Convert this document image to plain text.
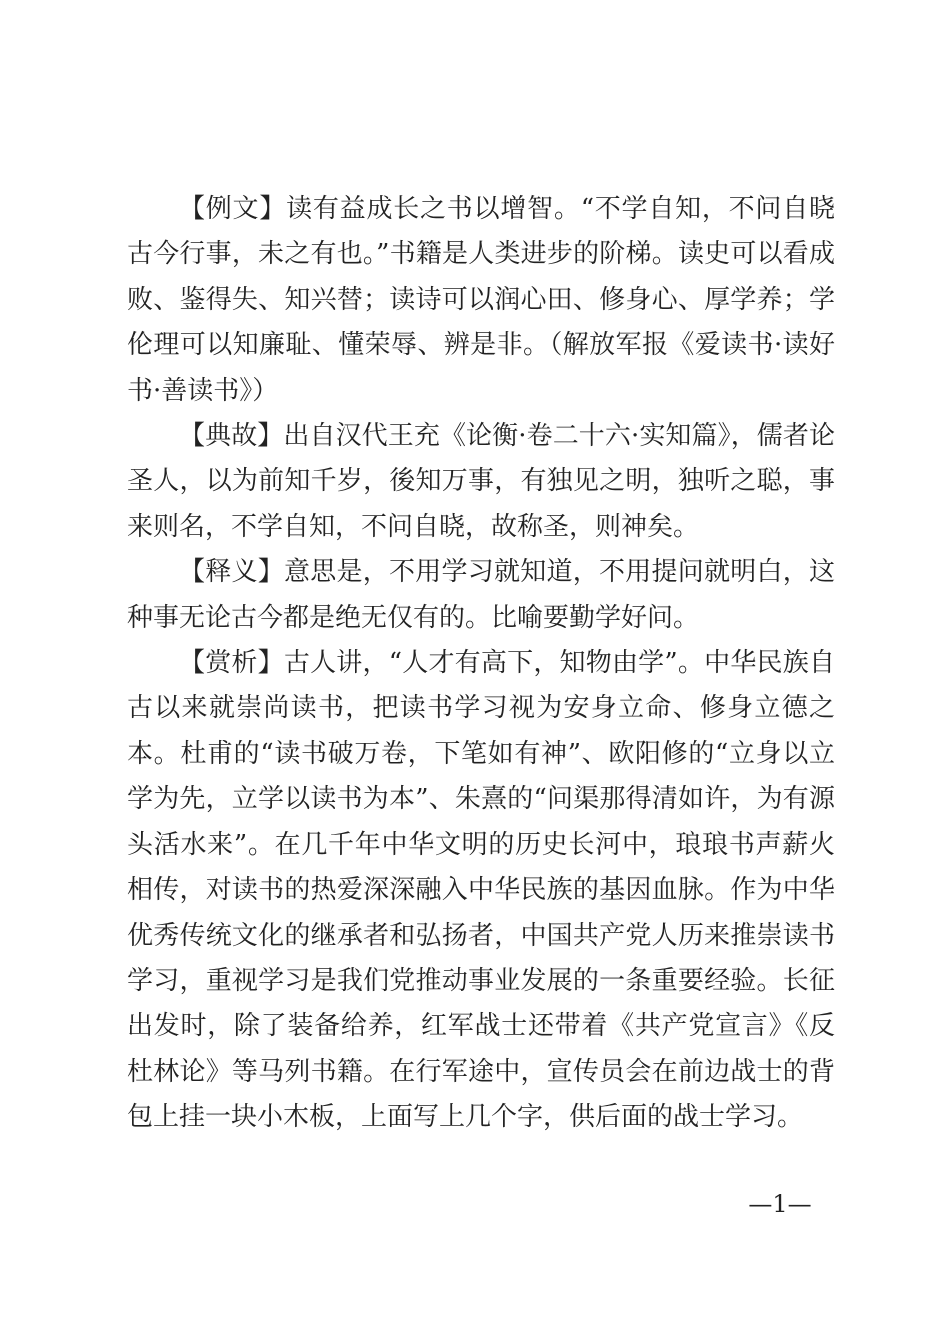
【例文】读有益成长之书以增智。“不学自知，不问自晓古今行事，未之有也。”书籍是人类进步的阶梯。读史可以看成败、鉴得失、知兴替；读诗可以润心田、修身心、厚学养；学伦理可以知廉耻、懂荣辱、辨是非。（解放军报《爱读书·读好书·善读书》）

【典故】出自汉代王充《论衡·卷二十六·实知篇》，儒者论圣人，以为前知千岁，後知万事，有独见之明，独听之聪，事来则名，不学自知，不问自晓，故称圣，则神矣。

【释义】意思是，不用学习就知道，不用提问就明白，这种事无论古今都是绝无仅有的。比喻要勤学好问。

【赏析】古人讲，“人才有高下，知物由学”。中华民族自古以来就崇尚读书，把读书学习视为安身立命、修身立德之本。杜甫的“读书破万卷，下笔如有神”、欧阳修的“立身以立学为先，立学以读书为本”、朱熹的“问渠那得清如许，为有源头活水来”。在几千年中华文明的历史长河中，琅琅书声薪火相传，对读书的热爱深深融入中华民族的基因血脉。作为中华优秀传统文化的继承者和弘扬者，中国共产党人历来推崇读书学习，重视学习是我们党推动事业发展的一条重要经验。长征出发时，除了装备给养，红军战士还带着《共产党宣言》《反杜林论》等马列书籍。在行军途中，宣传员会在前边战士的背包上挂一块小木板，上面写上几个字，供后面的战士学习。

—1—
